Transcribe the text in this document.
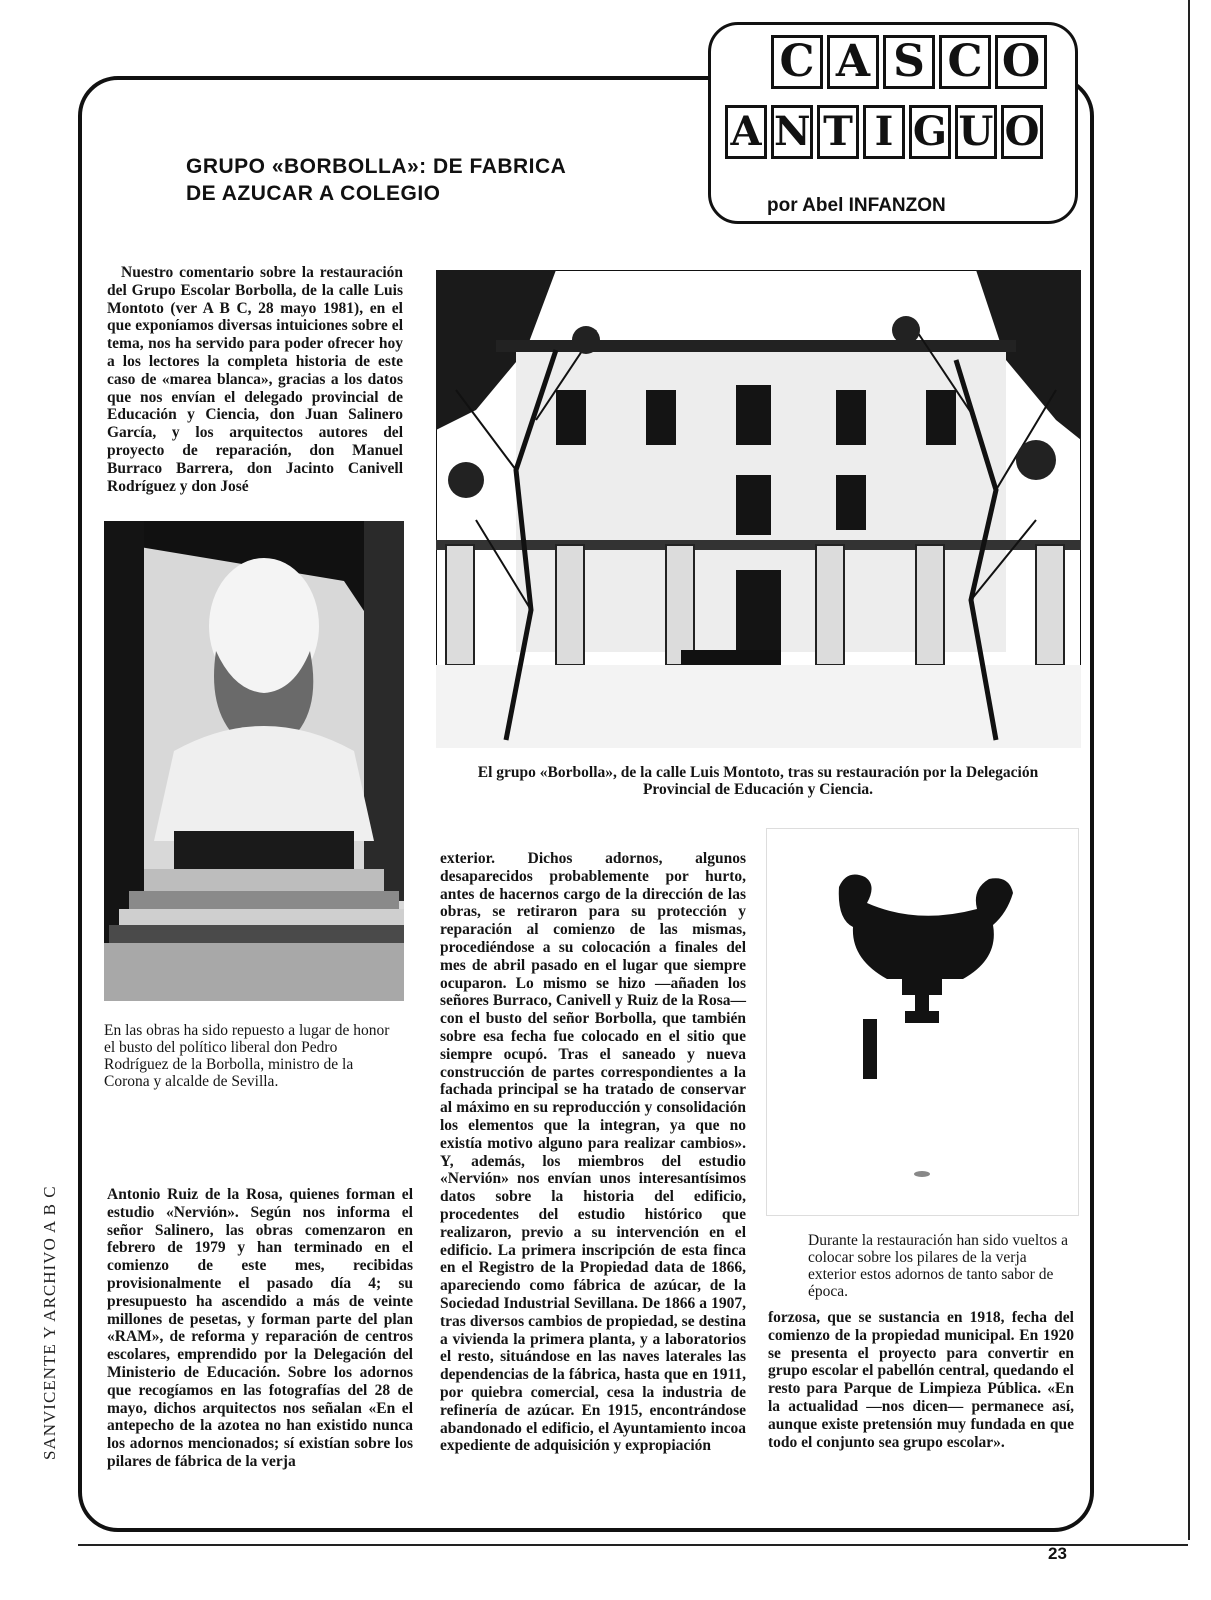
C A S C O
A N T I G U O
por Abel INFANZON
GRUPO «BORBOLLA»: DE FABRICA
DE AZUCAR A COLEGIO

Nuestro comentario sobre la restauración del Grupo Escolar Borbolla, de la calle Luis Montoto (ver A B C, 28 mayo 1981), en el que exponíamos diversas intuiciones sobre el tema, nos ha servido para poder ofrecer hoy a los lectores la completa historia de este caso de «marea blanca», gracias a los datos que nos envían el delegado provincial de Educación y Ciencia, don Juan Salinero García, y los arquitectos autores del proyecto de reparación, don Manuel Burraco Barrera, don Jacinto Canivell Rodríguez y don José

En las obras ha sido repuesto a lugar de honor el busto del político liberal don Pedro Rodríguez de la Borbolla, ministro de la Corona y alcalde de Sevilla.

Antonio Ruiz de la Rosa, quienes forman el estudio «Nervión». Según nos informa el señor Salinero, las obras comenzaron en febrero de 1979 y han terminado en el comienzo de este mes, recibidas provisionalmente el pasado día 4; su presupuesto ha ascendido a más de veinte millones de pesetas, y forman parte del plan «RAM», de reforma y reparación de centros escolares, emprendido por la Delegación del Ministerio de Educación. Sobre los adornos que recogíamos en las fotografías del 28 de mayo, dichos arquitectos nos señalan «En el antepecho de la azotea no han existido nunca los adornos mencionados; sí existían sobre los pilares de fábrica de la verja

El grupo «Borbolla», de la calle Luis Montoto, tras su restauración por la Delegación Provincial de Educación y Ciencia.

exterior. Dichos adornos, algunos desaparecidos probablemente por hurto, antes de hacernos cargo de la dirección de las obras, se retiraron para su protección y reparación al comienzo de las mismas, procediéndose a su colocación a finales del mes de abril pasado en el lugar que siempre ocuparon. Lo mismo se hizo —añaden los señores Burraco, Canivell y Ruiz de la Rosa— con el busto del señor Borbolla, que también sobre esa fecha fue colocado en el sitio que siempre ocupó. Tras el saneado y nueva construcción de partes correspondientes a la fachada principal se ha tratado de conservar al máximo en su reproducción y consolidación los elementos que la integran, ya que no existía motivo alguno para realizar cambios». Y, además, los miembros del estudio «Nervión» nos envían unos interesantísimos datos sobre la historia del edificio, procedentes del estudio histórico que realizaron, previo a su intervención en el edificio. La primera inscripción de esta finca en el Registro de la Propiedad data de 1866, apareciendo como fábrica de azúcar, de la Sociedad Industrial Sevillana. De 1866 a 1907, tras diversos cambios de propiedad, se destina a vivienda la primera planta, y a laboratorios el resto, situándose en las naves laterales las dependencias de la fábrica, hasta que en 1911, por quiebra comercial, cesa la industria de refinería de azúcar. En 1915, encontrándose abandonado el edificio, el Ayuntamiento incoa expediente de adquisición y expropiación

Durante la restauración han sido vueltos a colocar sobre los pilares de la verja exterior estos adornos de tanto sabor de época.

forzosa, que se sustancia en 1918, fecha del comienzo de la propiedad municipal. En 1920 se presenta el proyecto para convertir en grupo escolar el pabellón central, quedando el resto para Parque de Limpieza Pública. «En la actualidad —nos dicen— permanece así, aunque existe pretensión muy fundada en que todo el conjunto sea grupo escolar».

SANVICENTE Y ARCHIVO A B C
23
